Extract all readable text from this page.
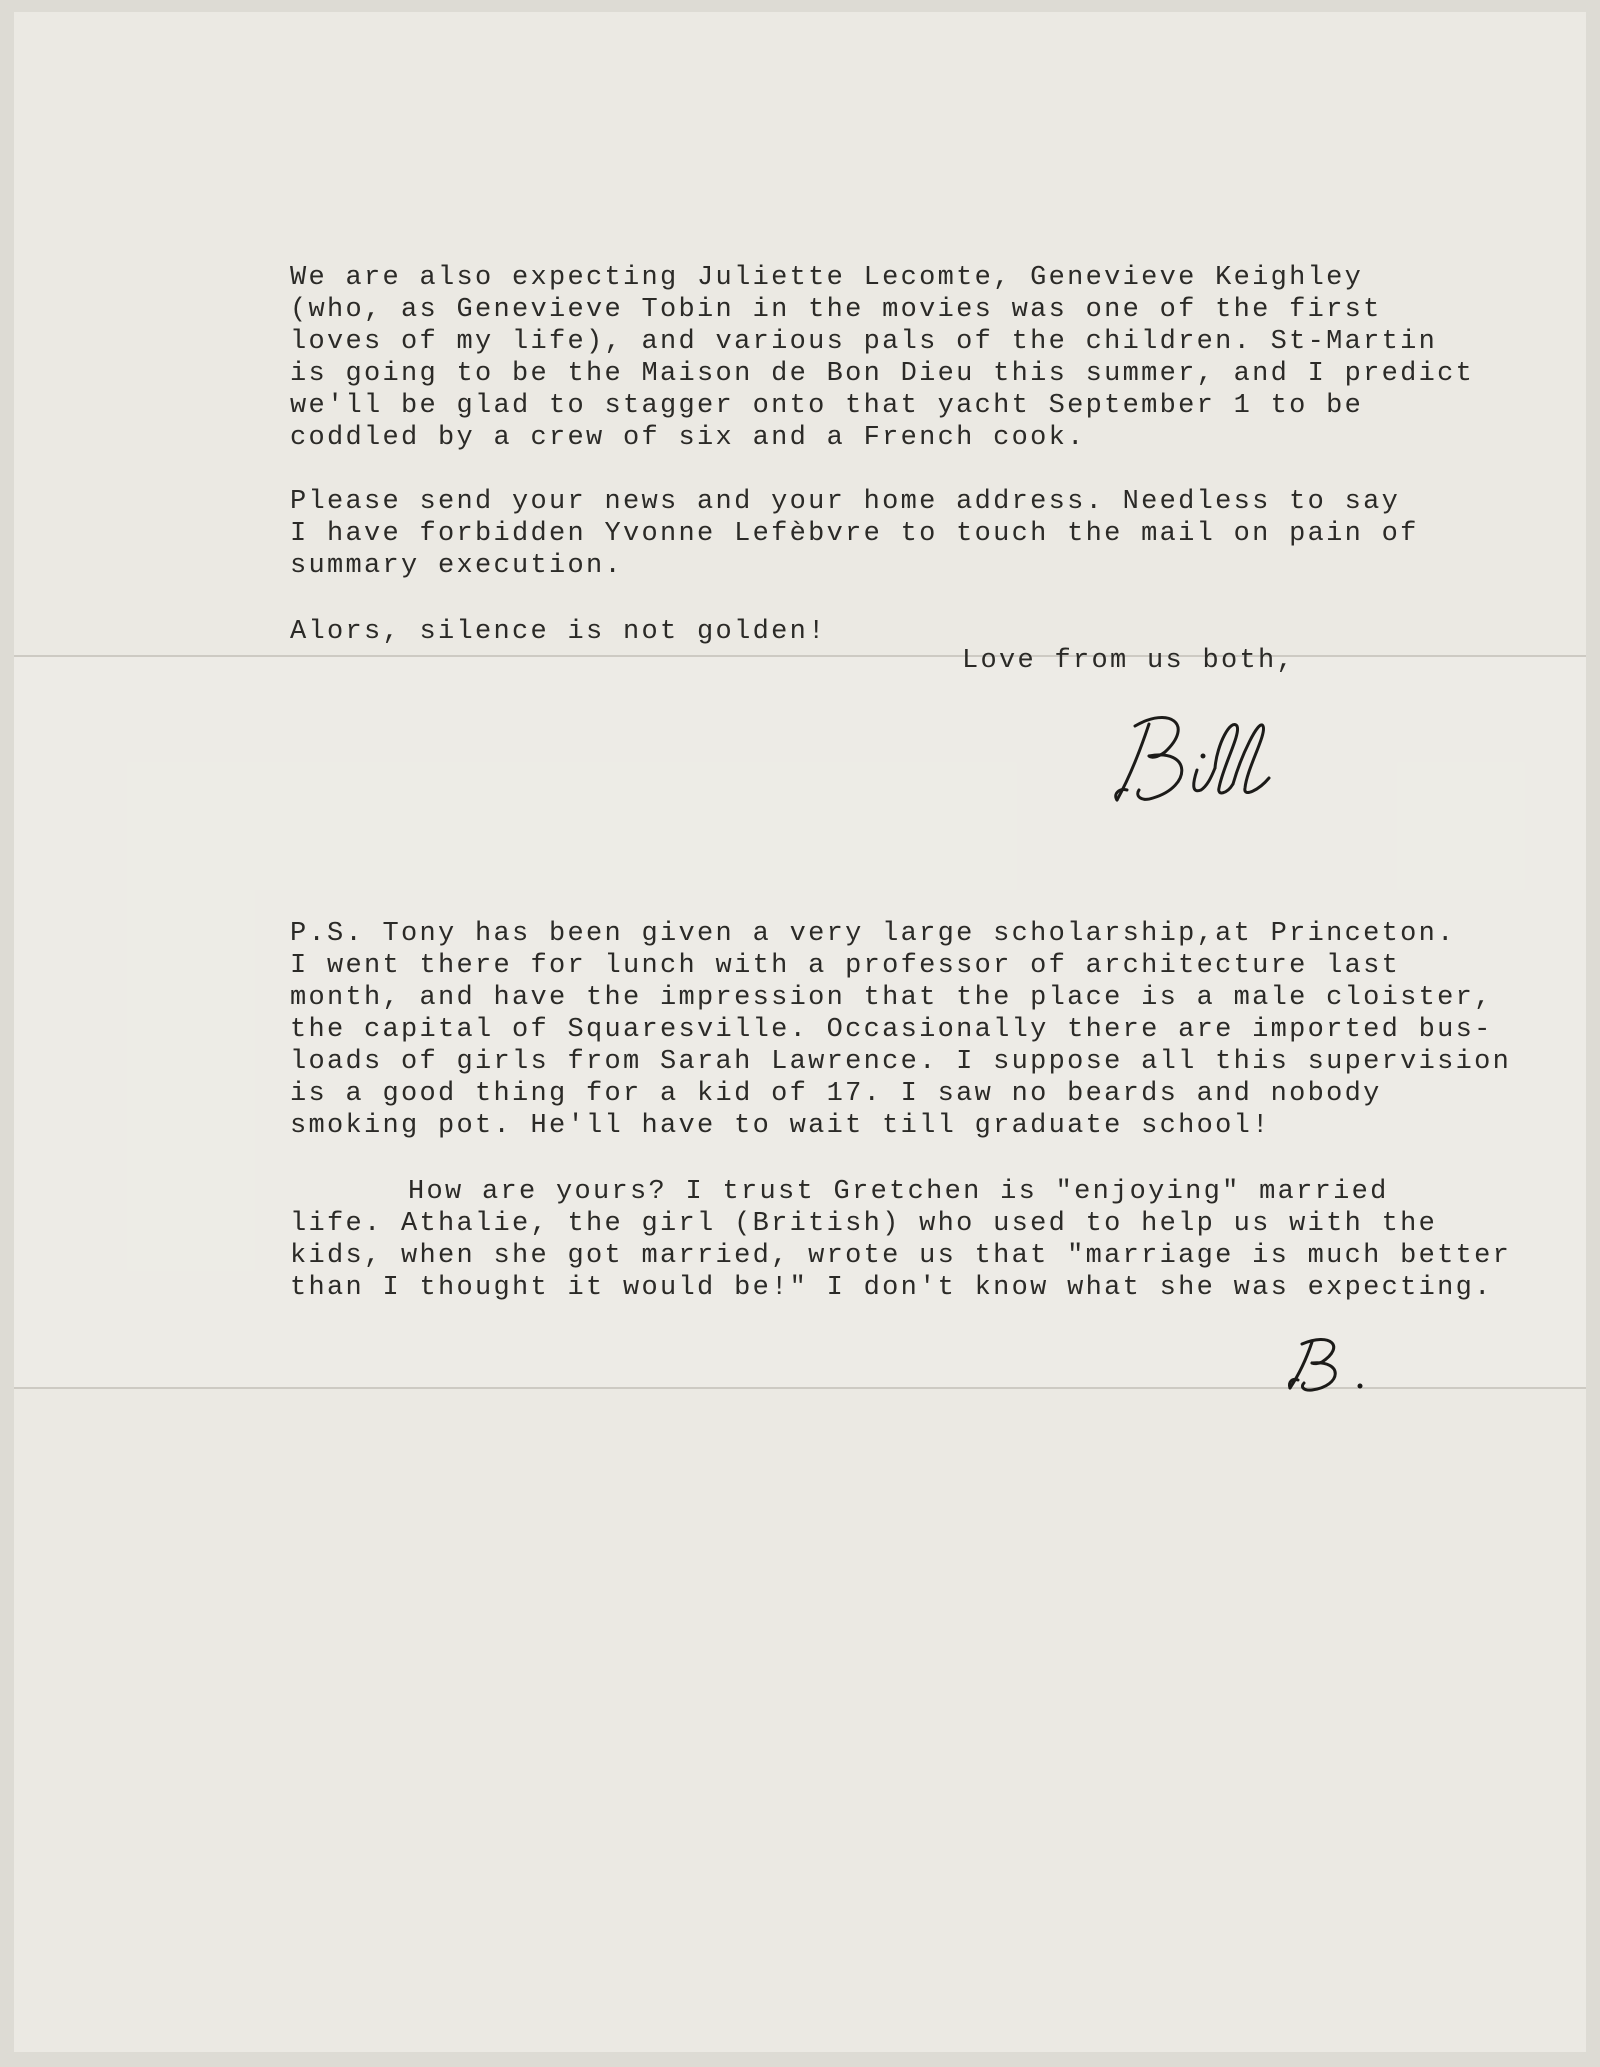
We are also expecting Juliette Lecomte, Genevieve Keighley

(who, as Genevieve Tobin in the movies was one of the first

loves of my life), and various pals of the children. St-Martin

is going to be the Maison de Bon Dieu this summer, and I predict

we'll be glad to stagger onto that yacht September 1 to be

coddled by a crew of six and a French cook.

Please send your news and your home address. Needless to say

I have forbidden Yvonne Lefèbvre to touch the mail on pain of

summary execution.

Alors, silence is not golden!

Love from us both,

P.S. Tony has been given a very large scholarship,at Princeton.

I went there for lunch with a professor of architecture last

month, and have the impression that the place is a male cloister,

the capital of Squaresville. Occasionally there are imported bus-

loads of girls from Sarah Lawrence. I suppose all this supervision

is a good thing for a kid of 17. I saw no beards and nobody

smoking pot. He'll have to wait till graduate school!

How are yours? I trust Gretchen is "enjoying" married

life. Athalie, the girl (British) who used to help us with the

kids, when she got married, wrote us that "marriage is much better

than I thought it would be!" I don't know what she was expecting.
